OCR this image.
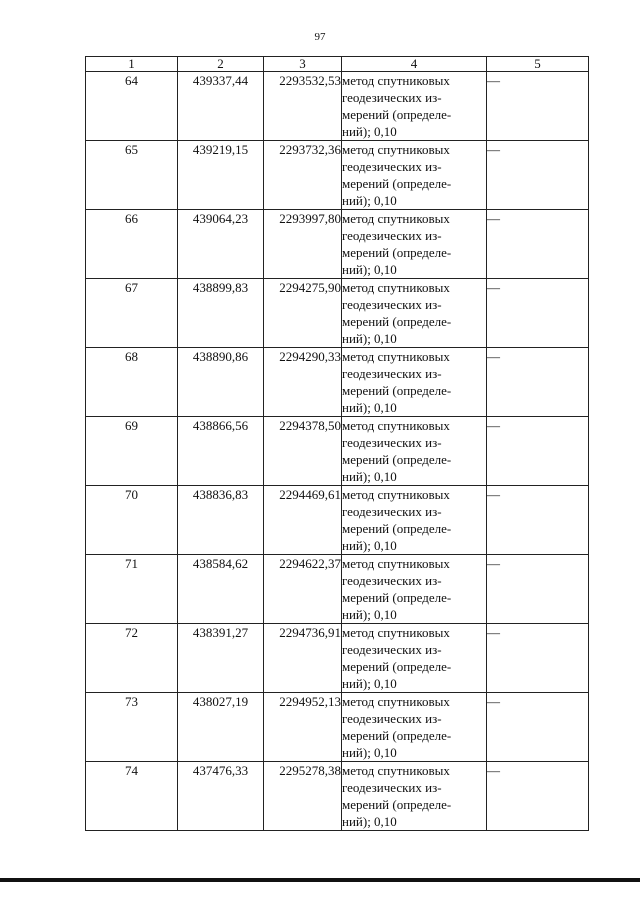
97
1	2	3	4	5
64	439337,44	2293532,53	метод спутниковых
геодезических из-
мерений (определе-
ний); 0,10	—
65	439219,15	2293732,36	метод спутниковых
геодезических из-
мерений (определе-
ний); 0,10	—
66	439064,23	2293997,80	метод спутниковых
геодезических из-
мерений (определе-
ний); 0,10	—
67	438899,83	2294275,90	метод спутниковых
геодезических из-
мерений (определе-
ний); 0,10	—
68	438890,86	2294290,33	метод спутниковых
геодезических из-
мерений (определе-
ний); 0,10	—
69	438866,56	2294378,50	метод спутниковых
геодезических из-
мерений (определе-
ний); 0,10	—
70	438836,83	2294469,61	метод спутниковых
геодезических из-
мерений (определе-
ний); 0,10	—
71	438584,62	2294622,37	метод спутниковых
геодезических из-
мерений (определе-
ний); 0,10	—
72	438391,27	2294736,91	метод спутниковых
геодезических из-
мерений (определе-
ний); 0,10	—
73	438027,19	2294952,13	метод спутниковых
геодезических из-
мерений (определе-
ний); 0,10	—
74	437476,33	2295278,38	метод спутниковых
геодезических из-
мерений (определе-
ний); 0,10	—
